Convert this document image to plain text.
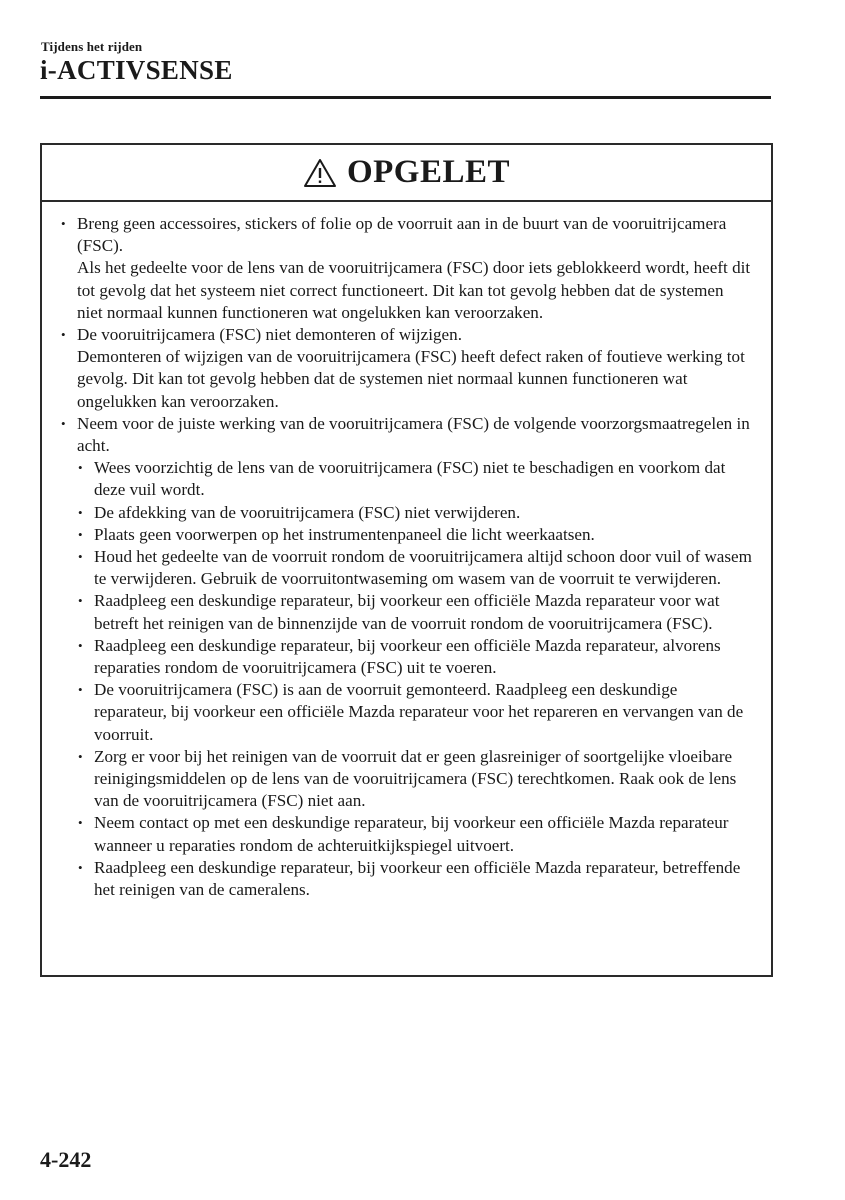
Tijdens het rijden
i-ACTIVSENSE
OPGELET
• Breng geen accessoires, stickers of folie op de voorruit aan in de buurt van de vooruitrijcamera (FSC).
Als het gedeelte voor de lens van de vooruitrijcamera (FSC) door iets geblokkeerd wordt, heeft dit tot gevolg dat het systeem niet correct functioneert. Dit kan tot gevolg hebben dat de systemen niet normaal kunnen functioneren wat ongelukken kan veroorzaken.
• De vooruitrijcamera (FSC) niet demonteren of wijzigen.
Demonteren of wijzigen van de vooruitrijcamera (FSC) heeft defect raken of foutieve werking tot gevolg. Dit kan tot gevolg hebben dat de systemen niet normaal kunnen functioneren wat ongelukken kan veroorzaken.
• Neem voor de juiste werking van de vooruitrijcamera (FSC) de volgende voorzorgsmaatregelen in acht.
• Wees voorzichtig de lens van de vooruitrijcamera (FSC) niet te beschadigen en voorkom dat deze vuil wordt.
• De afdekking van de vooruitrijcamera (FSC) niet verwijderen.
• Plaats geen voorwerpen op het instrumentenpaneel die licht weerkaatsen.
• Houd het gedeelte van de voorruit rondom de vooruitrijcamera altijd schoon door vuil of wasem te verwijderen. Gebruik de voorruitontwaseming om wasem van de voorruit te verwijderen.
• Raadpleeg een deskundige reparateur, bij voorkeur een officiële Mazda reparateur voor wat betreft het reinigen van de binnenzijde van de voorruit rondom de vooruitrijcamera (FSC).
• Raadpleeg een deskundige reparateur, bij voorkeur een officiële Mazda reparateur, alvorens reparaties rondom de vooruitrijcamera (FSC) uit te voeren.
• De vooruitrijcamera (FSC) is aan de voorruit gemonteerd. Raadpleeg een deskundige reparateur, bij voorkeur een officiële Mazda reparateur voor het repareren en vervangen van de voorruit.
• Zorg er voor bij het reinigen van de voorruit dat er geen glasreiniger of soortgelijke vloeibare reinigingsmiddelen op de lens van de vooruitrijcamera (FSC) terechtkomen. Raak ook de lens van de vooruitrijcamera (FSC) niet aan.
• Neem contact op met een deskundige reparateur, bij voorkeur een officiële Mazda reparateur wanneer u reparaties rondom de achteruitkijkspiegel uitvoert.
• Raadpleeg een deskundige reparateur, bij voorkeur een officiële Mazda reparateur, betreffende het reinigen van de cameralens.
4-242
